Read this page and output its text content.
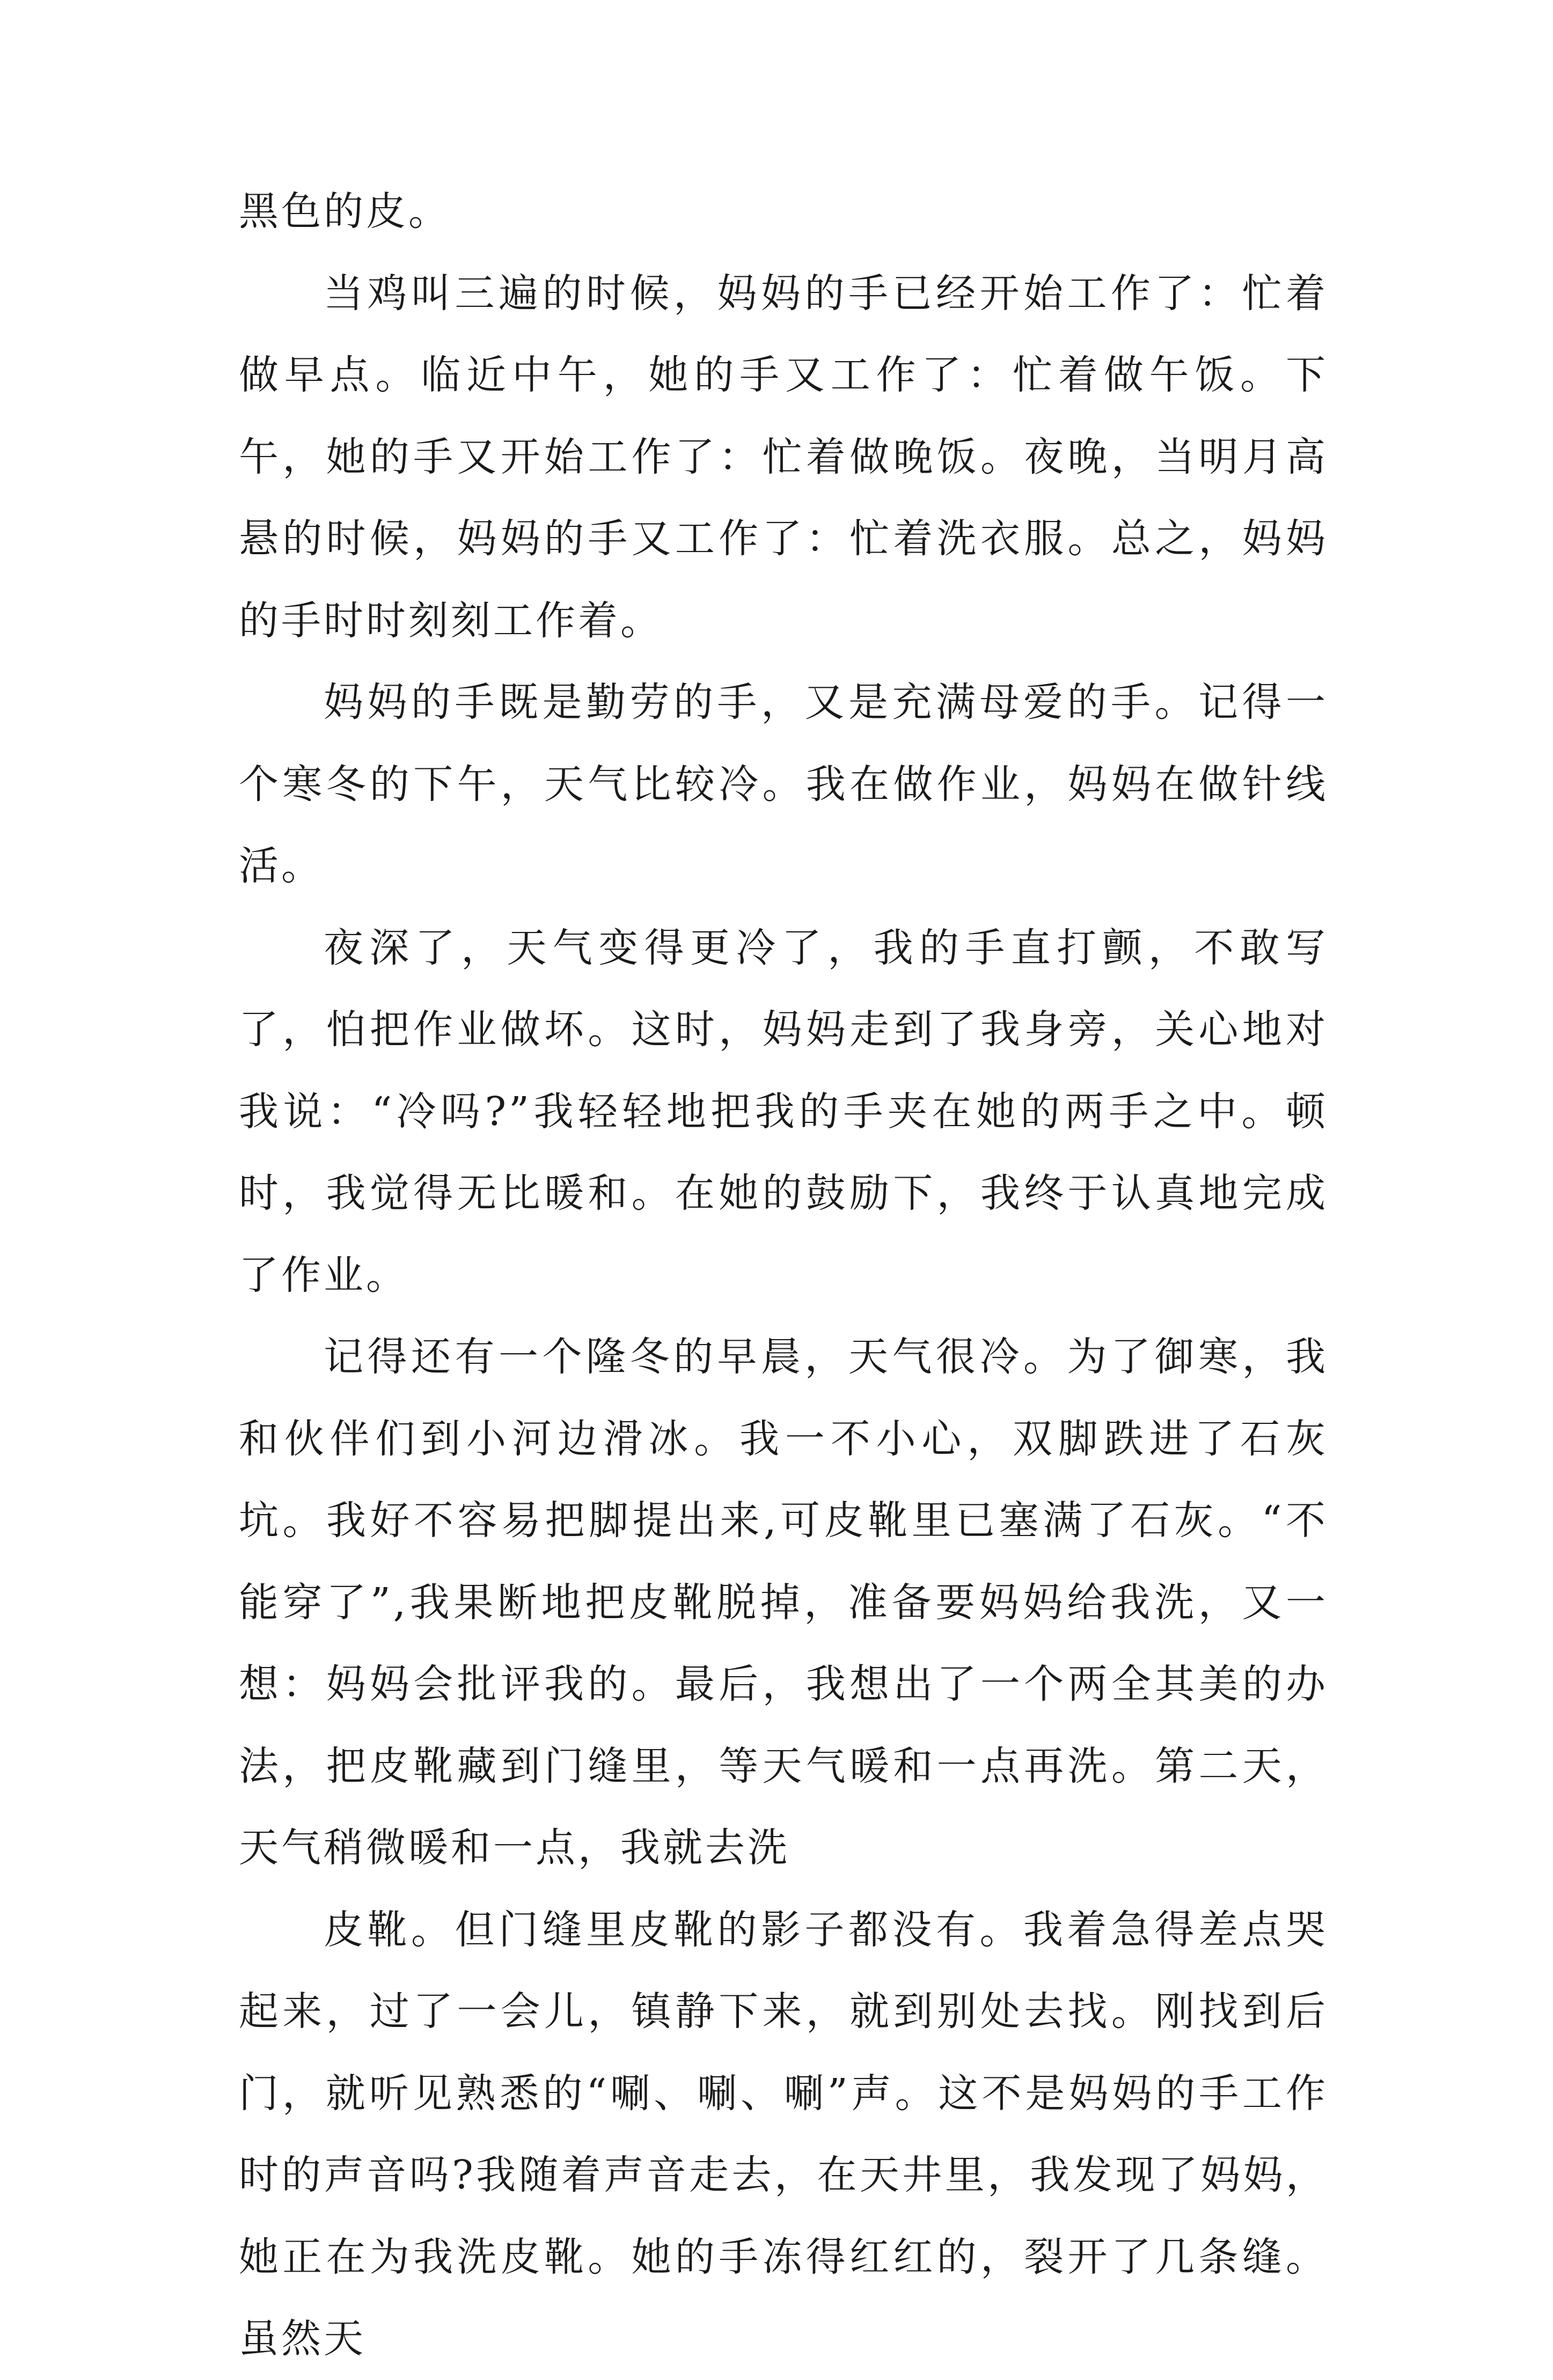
黑色的皮。

当鸡叫三遍的时候，妈妈的手已经开始工作了：忙着做早点。临近中午，她的手又工作了：忙着做午饭。下午，她的手又开始工作了：忙着做晚饭。夜晚，当明月高悬的时候，妈妈的手又工作了：忙着洗衣服。总之，妈妈的手时时刻刻工作着。

妈妈的手既是勤劳的手，又是充满母爱的手。记得一个寒冬的下午，天气比较冷。我在做作业，妈妈在做针线活。

夜深了，天气变得更冷了，我的手直打颤，不敢写了，怕把作业做坏。这时，妈妈走到了我身旁，关心地对我说：“冷吗?”我轻轻地把我的手夹在她的两手之中。顿时，我觉得无比暖和。在她的鼓励下，我终于认真地完成了作业。

记得还有一个隆冬的早晨，天气很冷。为了御寒，我和伙伴们到小河边滑冰。我一不小心，双脚跌进了石灰坑。我好不容易把脚提出来,可皮靴里已塞满了石灰。“不能穿了”,我果断地把皮靴脱掉，准备要妈妈给我洗，又一想：妈妈会批评我的。最后，我想出了一个两全其美的办法，把皮靴藏到门缝里，等天气暖和一点再洗。第二天，天气稍微暖和一点，我就去洗

皮靴。但门缝里皮靴的影子都没有。我着急得差点哭起来，过了一会儿，镇静下来，就到别处去找。刚找到后门，就听见熟悉的“唰、唰、唰”声。这不是妈妈的手工作时的声音吗?我随着声音走去，在天井里，我发现了妈妈，她正在为我洗皮靴。她的手冻得红红的，裂开了几条缝。虽然天
